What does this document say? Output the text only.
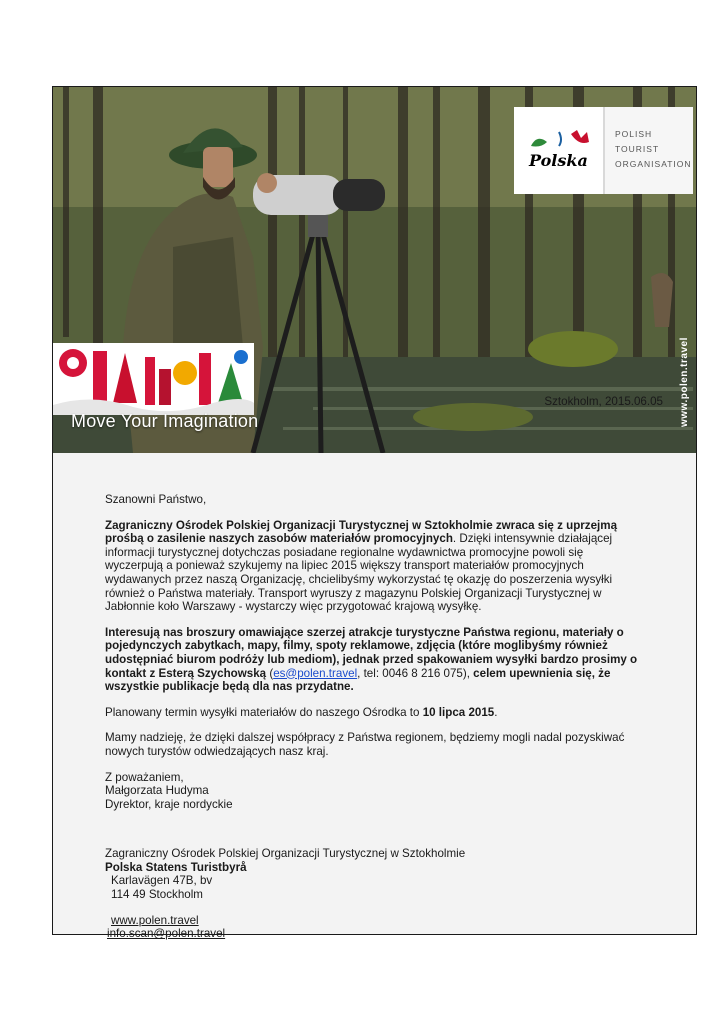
Polska
POLISH
TOURIST
ORGANISATION
Move Your Imagination	www.polen.travel
Sztokholm, 2015.06.05

Szanowni Państwo,

Zagraniczny Ośrodek Polskiej Organizacji Turystycznej w Sztokholmie zwraca się z uprzejmą prośbą o zasilenie naszych zasobów materiałów promocyjnych. Dzięki intensywnie działającej informacji turystycznej dotychczas posiadane regionalne wydawnictwa promocyjne powoli się wyczerpują a ponieważ szykujemy na lipiec 2015 większy transport materiałów promocyjnych wydawanych przez naszą Organizację, chcielibyśmy wykorzystać tę okazję do poszerzenia wysyłki również o Państwa materiały. Transport wyruszy z magazynu Polskiej Organizacji Turystycznej w Jabłonnie koło Warszawy - wystarczy więc przygotować krajową wysyłkę.

Interesują nas broszury omawiające szerzej atrakcje turystyczne Państwa regionu, materiały o pojedynczych zabytkach, mapy, filmy, spoty reklamowe, zdjęcia (które moglibyśmy również udostępniać biurom podróży lub mediom), jednak przed spakowaniem wysyłki bardzo prosimy o kontakt z Esterą Szychowską (es@polen.travel, tel: 0046 8 216 075), celem upewnienia się, że wszystkie publikacje będą dla nas przydatne.

Planowany termin wysyłki materiałów do naszego Ośrodka to 10 lipca 2015.

Mamy nadzieję, że dzięki dalszej współpracy z Państwa regionem, będziemy mogli nadal pozyskiwać nowych turystów odwiedzających nasz kraj.

Z poważaniem,

Małgorzata Hudyma

Dyrektor, kraje nordyckie

Zagraniczny Ośrodek Polskiej Organizacji Turystycznej w Sztokholmie

Polska Statens Turistbyrå

Karlavägen 47B, bv

114 49 Stockholm

www.polen.travel

info.scan@polen.travel
